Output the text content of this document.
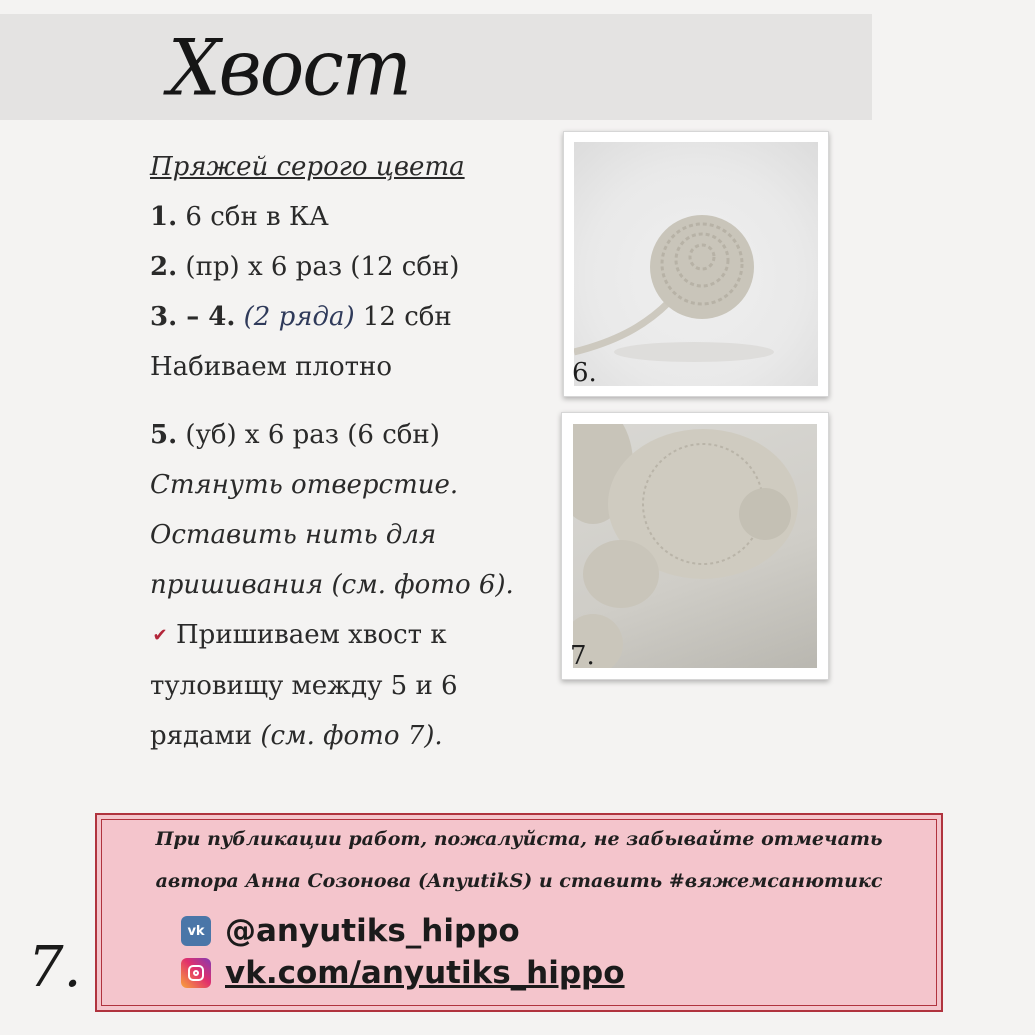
Хвост
Пряжей серого цвета
1. 6 сбн в КА
2. (пр) х 6 раз (12 сбн)
3. – 4. (2 ряда) 12 сбн
Набиваем плотно
5. (уб) х 6 раз (6 сбн)
Стянуть отверстие.
Оставить нить для
пришивания (см. фото 6).
✔ Пришиваем хвост к
туловищу между 5 и 6
рядами (см. фото 7).
6.
7.
При публикации работ, пожалуйста, не забывайте отмечать
автора Анна Созонова (AnyutikS) и ставить #вяжемсанютикс
vk @anyutiks_hippo
vk.com/anyutiks_hippo
7.
